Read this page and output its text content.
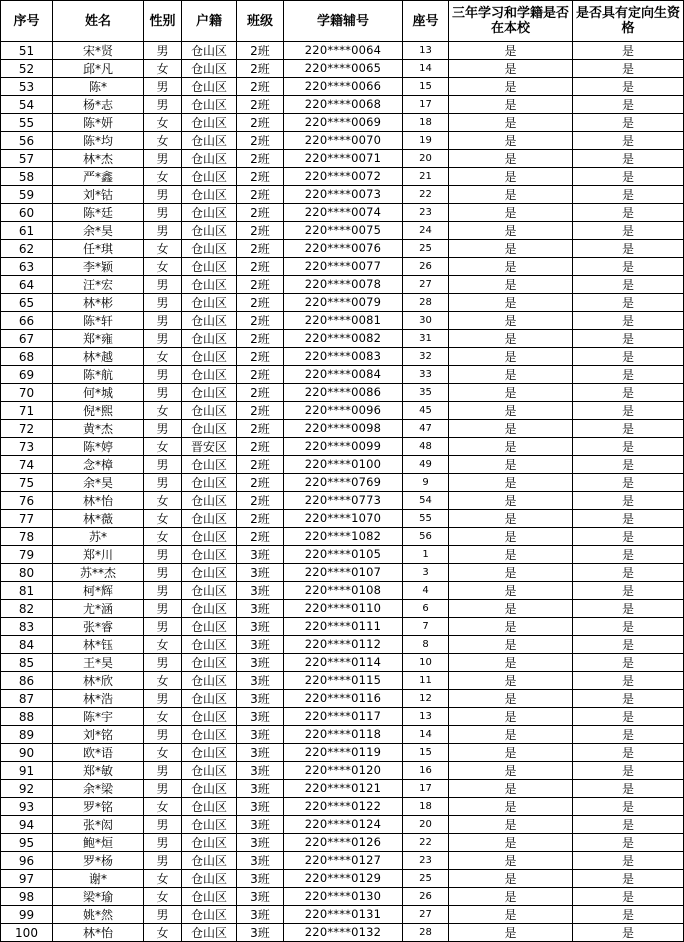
序号	姓名	性别	户籍	班级	学籍辅号	座号	三年学习和学籍是否在本校	是否具有定向生资格
51	宋*贤	男	仓山区	2班	220****0064	13	是	是
52	邱*凡	女	仓山区	2班	220****0065	14	是	是
53	陈*	男	仓山区	2班	220****0066	15	是	是
54	杨*志	男	仓山区	2班	220****0068	17	是	是
55	陈*妍	女	仓山区	2班	220****0069	18	是	是
56	陈*均	女	仓山区	2班	220****0070	19	是	是
57	林*杰	男	仓山区	2班	220****0071	20	是	是
58	严*鑫	女	仓山区	2班	220****0072	21	是	是
59	刘*钴	男	仓山区	2班	220****0073	22	是	是
60	陈*廷	男	仓山区	2班	220****0074	23	是	是
61	余*昊	男	仓山区	2班	220****0075	24	是	是
62	任*琪	女	仓山区	2班	220****0076	25	是	是
63	李*颖	女	仓山区	2班	220****0077	26	是	是
64	汪*宏	男	仓山区	2班	220****0078	27	是	是
65	林*彬	男	仓山区	2班	220****0079	28	是	是
66	陈*轩	男	仓山区	2班	220****0081	30	是	是
67	郑*雍	男	仓山区	2班	220****0082	31	是	是
68	林*越	女	仓山区	2班	220****0083	32	是	是
69	陈*航	男	仓山区	2班	220****0084	33	是	是
70	何*城	男	仓山区	2班	220****0086	35	是	是
71	倪*熙	女	仓山区	2班	220****0096	45	是	是
72	黄*杰	男	仓山区	2班	220****0098	47	是	是
73	陈*婷	女	晋安区	2班	220****0099	48	是	是
74	念*樟	男	仓山区	2班	220****0100	49	是	是
75	余*昊	男	仓山区	2班	220****0769	9	是	是
76	林*怡	女	仓山区	2班	220****0773	54	是	是
77	林*薇	女	仓山区	2班	220****1070	55	是	是
78	苏*	女	仓山区	2班	220****1082	56	是	是
79	郑*川	男	仓山区	3班	220****0105	1	是	是
80	苏**杰	男	仓山区	3班	220****0107	3	是	是
81	柯*辉	男	仓山区	3班	220****0108	4	是	是
82	尤*涵	男	仓山区	3班	220****0110	6	是	是
83	张*睿	男	仓山区	3班	220****0111	7	是	是
84	林*钰	女	仓山区	3班	220****0112	8	是	是
85	王*昊	男	仓山区	3班	220****0114	10	是	是
86	林*欣	女	仓山区	3班	220****0115	11	是	是
87	林*浩	男	仓山区	3班	220****0116	12	是	是
88	陈*宇	女	仓山区	3班	220****0117	13	是	是
89	刘*铭	男	仓山区	3班	220****0118	14	是	是
90	欧*语	女	仓山区	3班	220****0119	15	是	是
91	郑*敏	男	仓山区	3班	220****0120	16	是	是
92	余*梁	男	仓山区	3班	220****0121	17	是	是
93	罗*铭	女	仓山区	3班	220****0122	18	是	是
94	张*闳	男	仓山区	3班	220****0124	20	是	是
95	鲍*烜	男	仓山区	3班	220****0126	22	是	是
96	罗*杨	男	仓山区	3班	220****0127	23	是	是
97	谢*	女	仓山区	3班	220****0129	25	是	是
98	梁*瑜	女	仓山区	3班	220****0130	26	是	是
99	姚*然	男	仓山区	3班	220****0131	27	是	是
100	林*怡	女	仓山区	3班	220****0132	28	是	是
